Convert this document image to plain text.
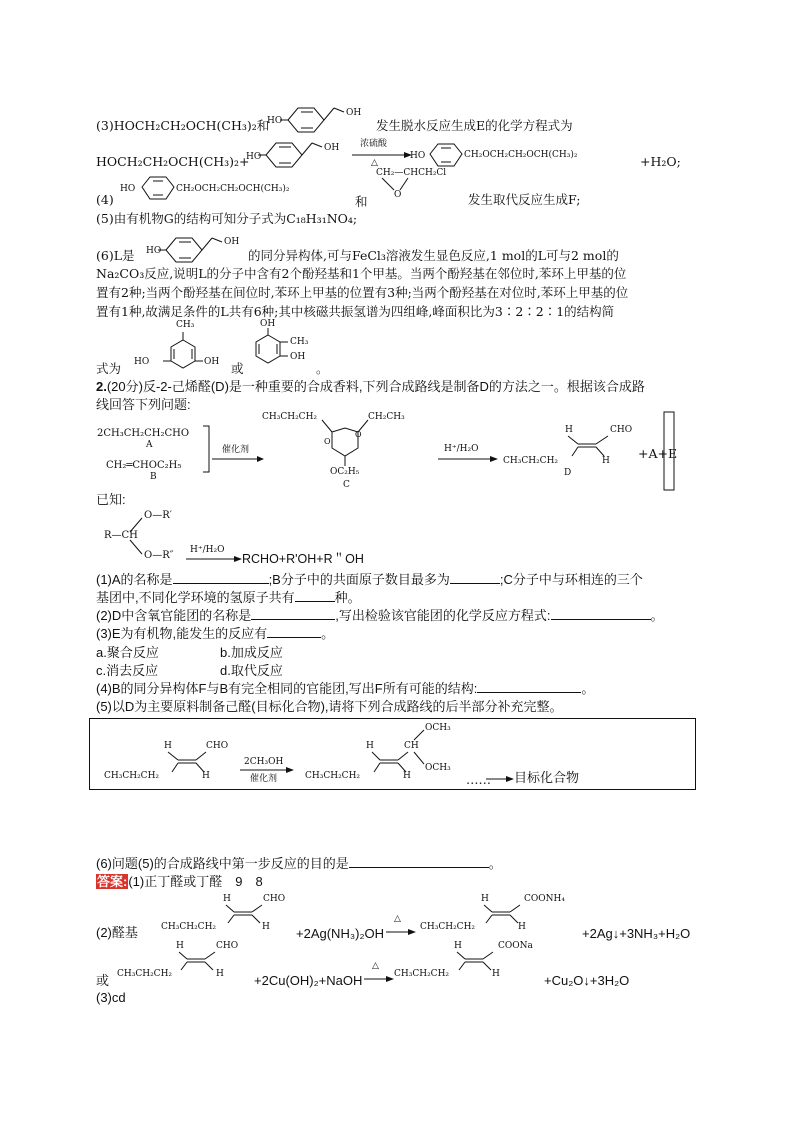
(3)HOCH₂CH₂OCH(CH₃)₂和
HO
OH
发生脱水反应生成E的化学方程式为
HOCH₂CH₂OCH(CH₃)₂+
HO
OH 浓硫酸
△
HO	CH₂OCH₂CH₂OCH(CH₃)₂	+H₂O;
(4)
HO	CH₂OCH₂CH₂OCH(CH₃)₂
CH₂—CHCH₂Cl
O
和	发生取代反应生成F;
(5)由有机物G的结构可知分子式为C₁₈H₃₁NO₄;
(6)L是 HO
OH
的同分异构体,可与FeCl₃溶液发生显色反应,1 mol的L可与2 mol的
Na₂CO₃反应,说明L的分子中含有2个酚羟基和1个甲基。当两个酚羟基在邻位时,苯环上甲基的位
置有2种;当两个酚羟基在间位时,苯环上甲基的位置有3种;当两个酚羟基在对位时,苯环上甲基的位
置有1种,故满足条件的L共有6种;其中核磁共振氢谱为四组峰,峰面积比为3∶2∶2∶1的结构简
式为
CH₃
HO	OH 或
OH
CH₃
OH
。
2.(20分)反-2-己烯醛(D)是一种重要的合成香料,下列合成路线是制备D的方法之一。根据该合成路
线回答下列问题:
2CH₃CH₂CH₂CHO
A
CH₂═CHOC₂H₅
B
催化剂
CH₃CH₂CH₂	CH₂CH₃
O
O
OC₂H₅
C
H⁺/H₂O
H	CHO
CH₃CH₂CH₂	H
D
+A+E
已知:
O—R′
R—CH
O—R″ H⁺/H₂O
→ RCHO+R'OH+R＂OH
(1)A的名称是	;B分子中的共面原子数目最多为	;C分子中与环相连的三个
基团中,不同化学环境的氢原子共有	种。
(2)D中含氧官能团的名称是	,写出检验该官能团的化学反应方程式:	。
(3)E为有机物,能发生的反应有	。
a.聚合反应	b.加成反应
c.消去反应	d.取代反应
(4)B的同分异构体F与B有完全相同的官能团,写出F所有可能的结构:	。
(5)以D为主要原料制备己醛(目标化合物),请将下列合成路线的后半部分补充完整。
H	CHO
CH₃CH₂CH₂	H
2CH₃OH
催化剂
OCH₃
H	CH
OCH₃
CH₃CH₂CH₂	H	…… → 目标化合物
(6)问题(5)的合成路线中第一步反应的目的是	。
答案:(1)正丁醛或丁醛　9　8
(2)醛基
H	CHO
CH₃CH₂CH₂	H +2Ag(NH₃)₂OH
△
H	COONH₄
CH₃CH₂CH₂	H	+2Ag↓+3NH₃+H₂O
或
H	CHO
CH₃CH₂CH₂	H +2Cu(OH)₂+NaOH
△
H	COONa
CH₃CH₂CH₂	H	+Cu₂O↓+3H₂O
(3)cd
